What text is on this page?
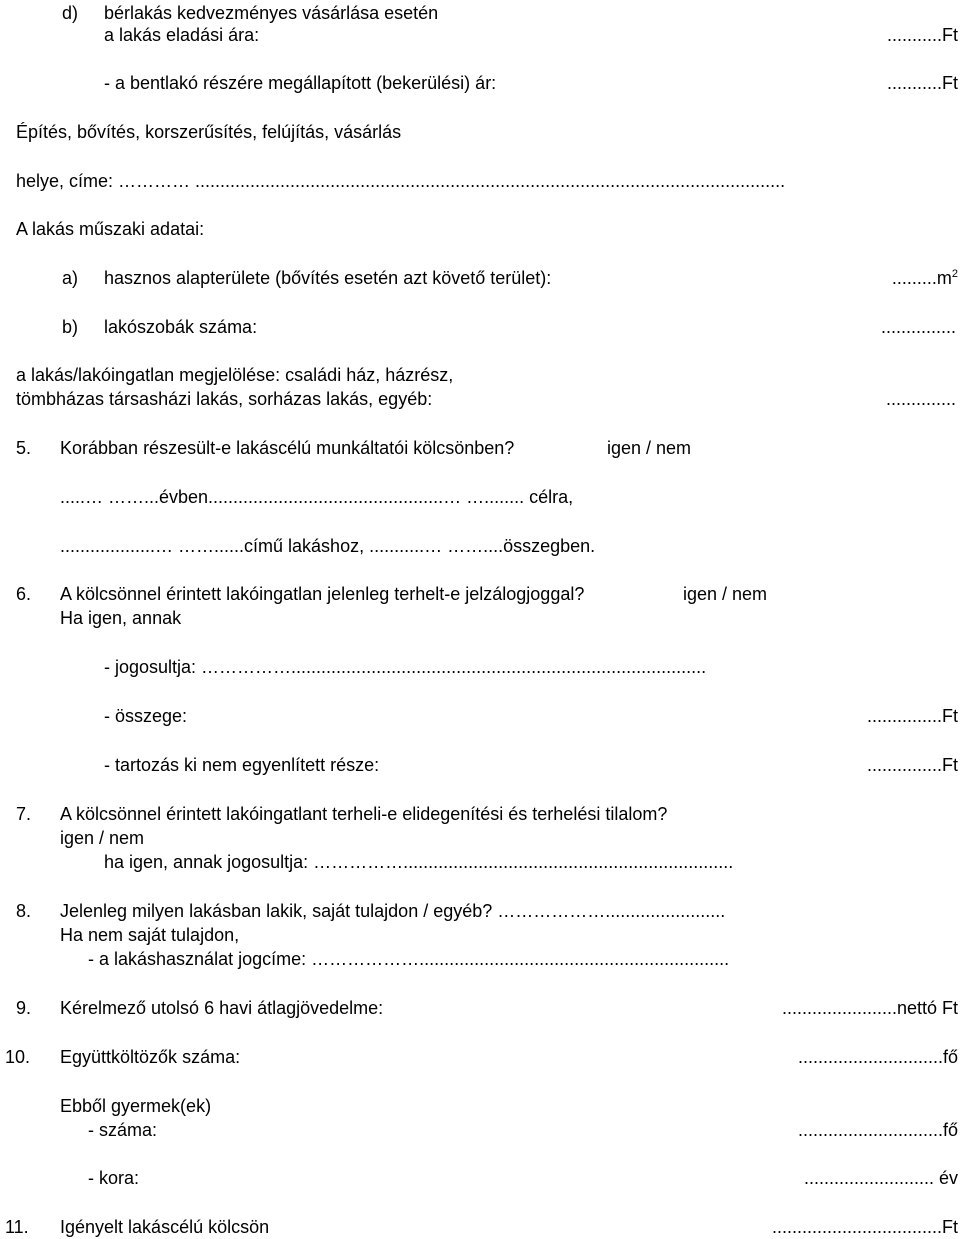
d) bérlakás kedvezményes vásárlása esetén
a lakás eladási ára:	...........Ft
- a bentlakó részére megállapított (bekerülési) ár:	...........Ft
Építés, bővítés, korszerűsítés, felújítás, vásárlás
helye, címe: ………… ......................................................................................................................
A lakás műszaki adatai:
a) hasznos alapterülete (bővítés esetén azt követő terület):	$.........m^2$
b) lakószobák száma:	...............
a lakás/lakóingatlan megjelölése: családi ház, házrész,
tömbházas társasházi lakás, sorházas lakás, egyéb:	..............
5. Korábban részesült-e lakáscélú munkáltatói kölcsönben?	igen / nem
.....… ……...évben...............................................… …........ célra,
...................… ……......című lakáshoz, ...........… ……....összegben.
6. A kölcsönnel érintett lakóingatlan jelenleg terhelt-e jelzálogjoggal?	igen / nem
Ha igen, annak
- jogosultja: ……………...................................................................................
- összege:	...............Ft
- tartozás ki nem egyenlített része:	...............Ft
7. A kölcsönnel érintett lakóingatlant terheli-e elidegenítési és terhelési tilalom?
igen / nem
ha igen, annak jogosultja: ……………..................................................................
8. Jelenleg milyen lakásban lakik, saját tulajdon / egyéb? ………………........................
Ha nem saját tulajdon,
- a lakáshasználat jogcíme: ………………..............................................................
9. Kérelmező utolsó 6 havi átlagjövedelme:	.......................nettó Ft
10. Együttköltözők száma:	.............................fő
Ebből gyermek(ek)
- száma:	.............................fő
- kora:	.......................... év
11. Igényelt lakáscélú kölcsön	..................................Ft
